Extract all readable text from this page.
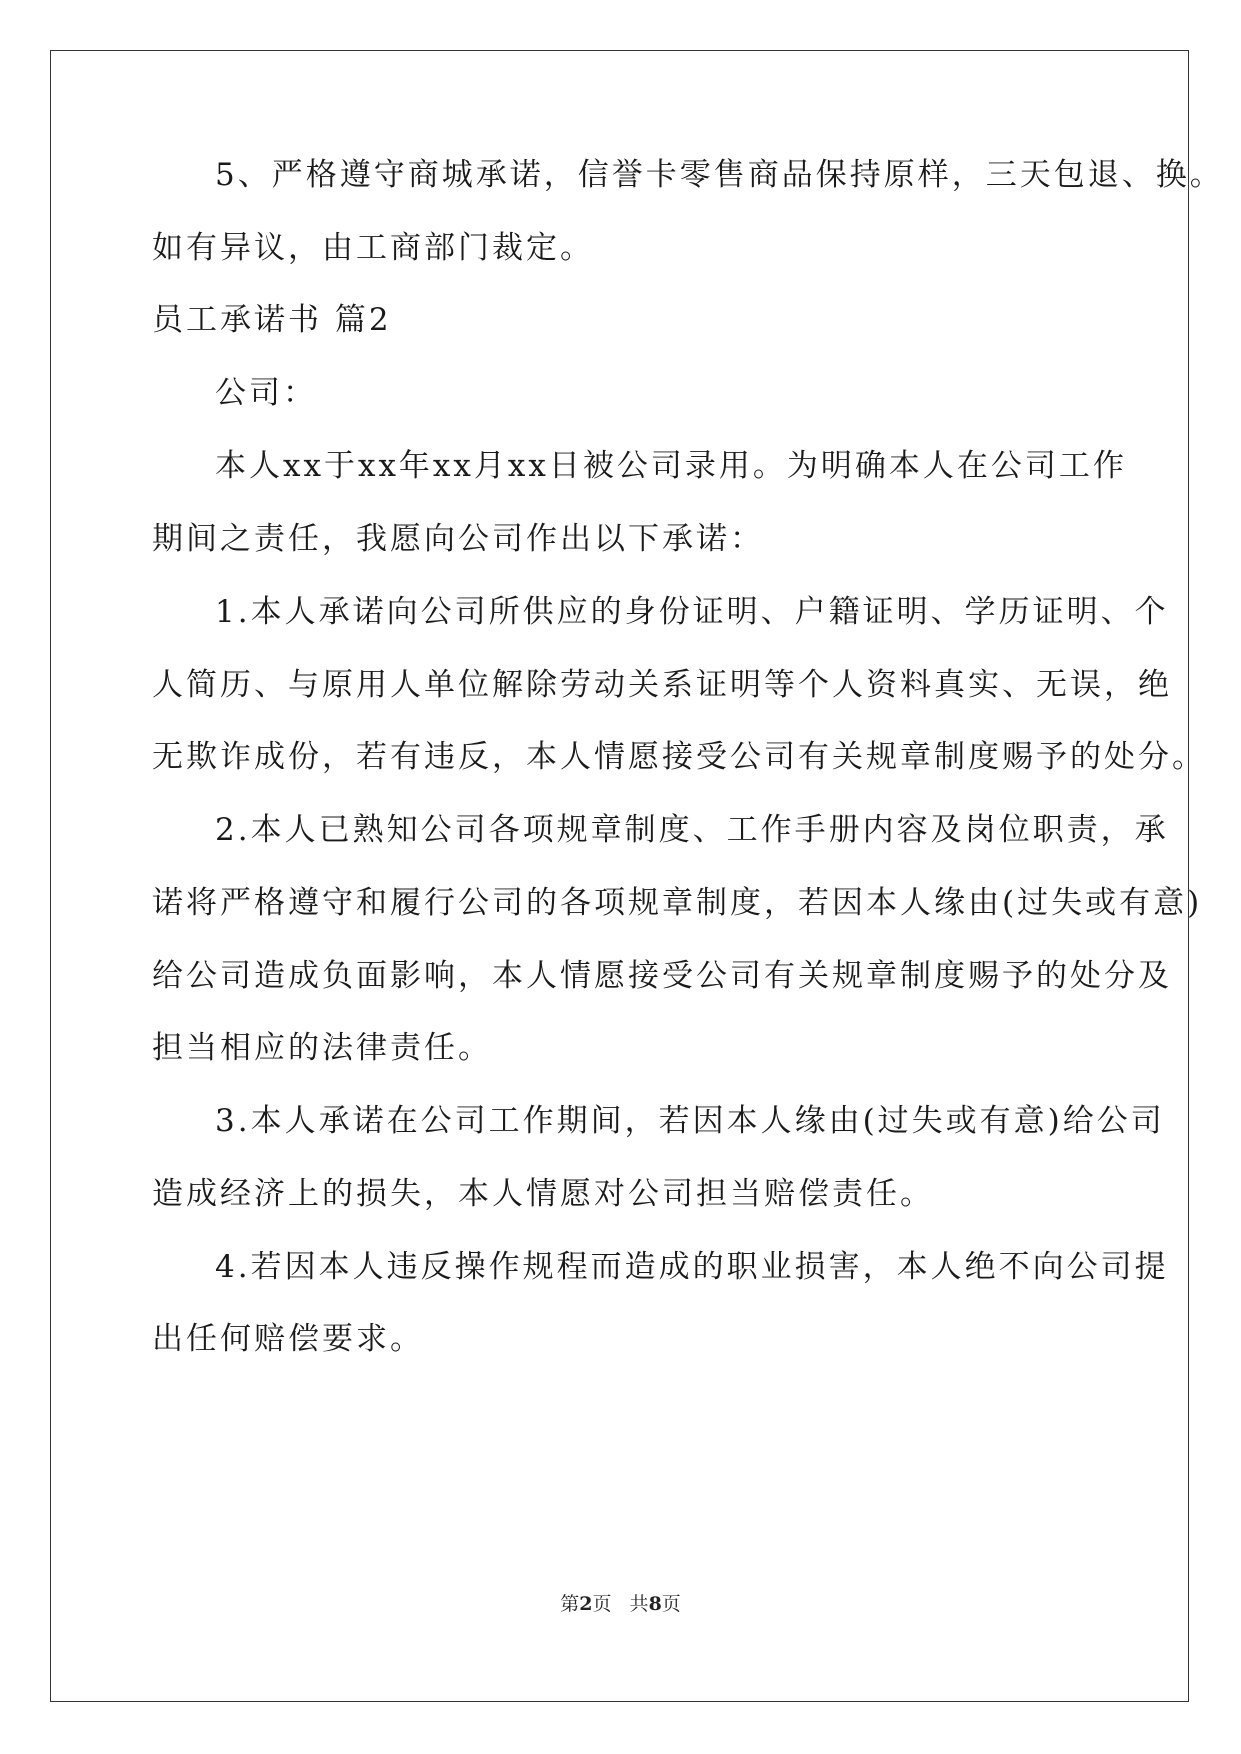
5、严格遵守商城承诺，信誉卡零售商品保持原样，三天包退、换。
如有异议，由工商部门裁定。
员工承诺书 篇2
公司：
本人xx于xx年xx月xx日被公司录用。为明确本人在公司工作
期间之责任，我愿向公司作出以下承诺：
1.本人承诺向公司所供应的身份证明、户籍证明、学历证明、个
人简历、与原用人单位解除劳动关系证明等个人资料真实、无误，绝
无欺诈成份，若有违反，本人情愿接受公司有关规章制度赐予的处分。
2.本人已熟知公司各项规章制度、工作手册内容及岗位职责，承
诺将严格遵守和履行公司的各项规章制度，若因本人缘由(过失或有意)
给公司造成负面影响，本人情愿接受公司有关规章制度赐予的处分及
担当相应的法律责任。
3.本人承诺在公司工作期间，若因本人缘由(过失或有意)给公司
造成经济上的损失，本人情愿对公司担当赔偿责任。
4.若因本人违反操作规程而造成的职业损害，本人绝不向公司提
出任何赔偿要求。
第2页   共8页
